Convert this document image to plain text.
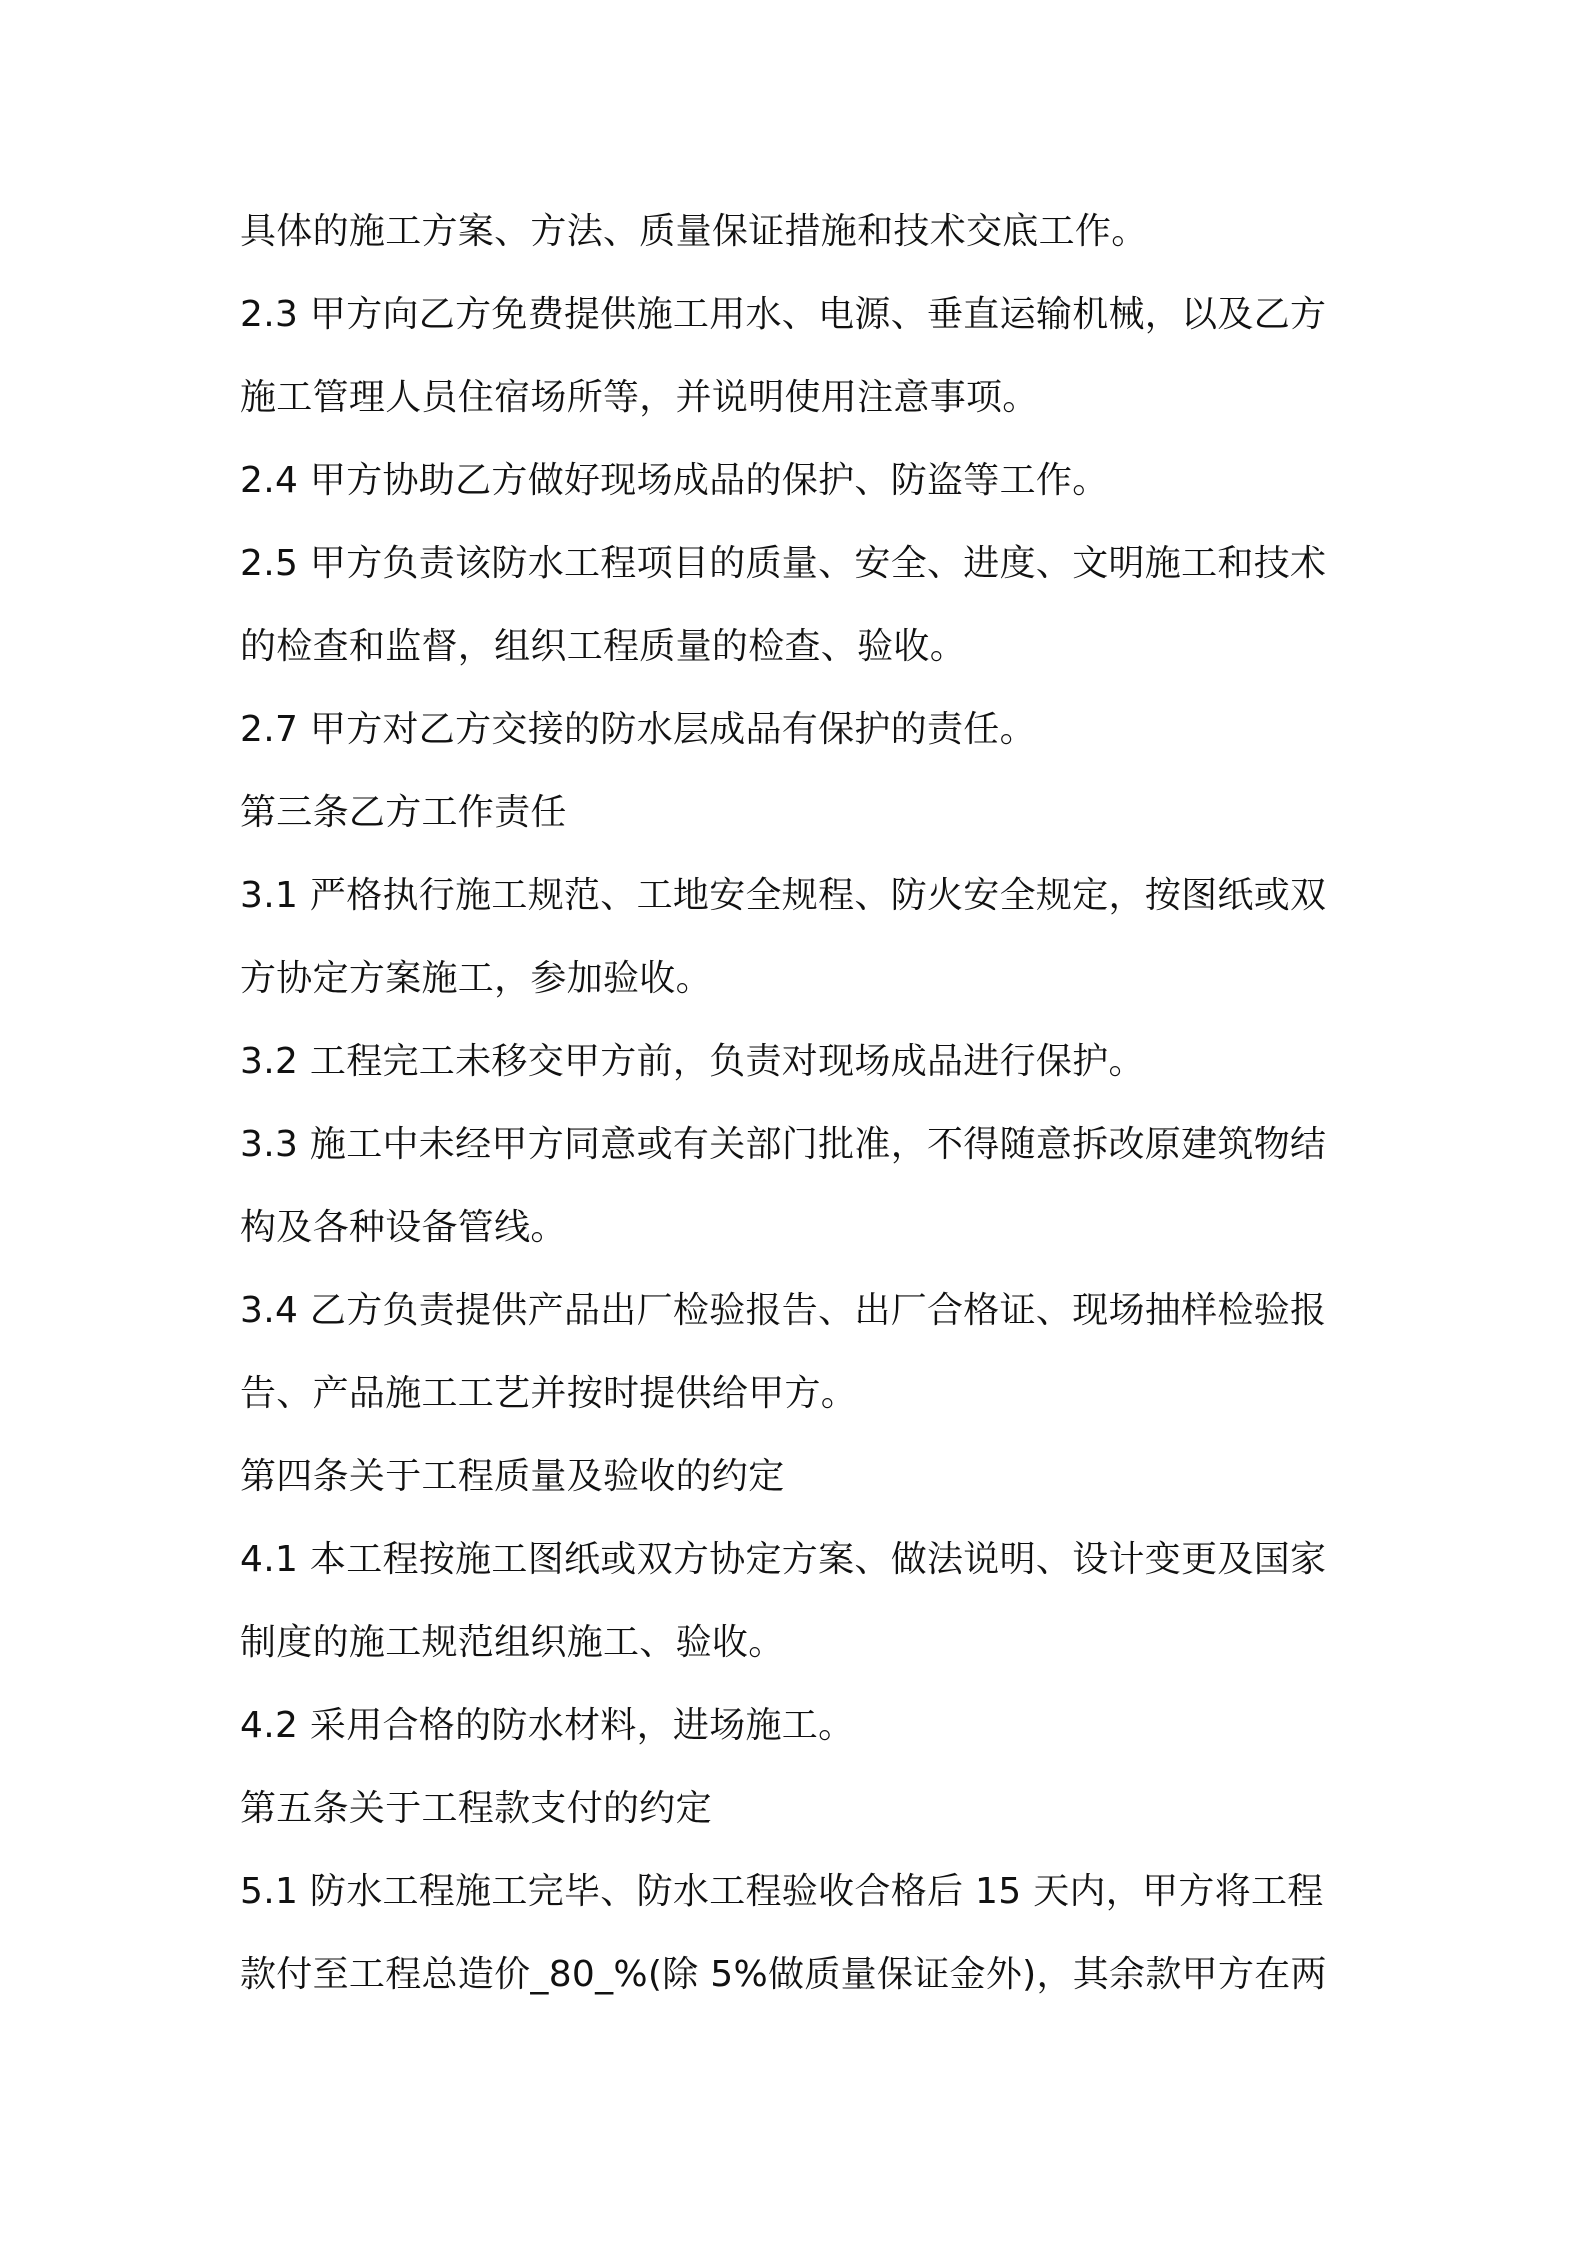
具体的施工方案、方法、质量保证措施和技术交底工作。
2.3 甲方向乙方免费提供施工用水、电源、垂直运输机械，以及乙方
施工管理人员住宿场所等，并说明使用注意事项。
2.4 甲方协助乙方做好现场成品的保护、防盗等工作。
2.5 甲方负责该防水工程项目的质量、安全、进度、文明施工和技术
的检查和监督，组织工程质量的检查、验收。
2.7 甲方对乙方交接的防水层成品有保护的责任。
第三条乙方工作责任
3.1 严格执行施工规范、工地安全规程、防火安全规定，按图纸或双
方协定方案施工，参加验收。
3.2 工程完工未移交甲方前，负责对现场成品进行保护。
3.3 施工中未经甲方同意或有关部门批准，不得随意拆改原建筑物结
构及各种设备管线。
3.4 乙方负责提供产品出厂检验报告、出厂合格证、现场抽样检验报
告、产品施工工艺并按时提供给甲方。
第四条关于工程质量及验收的约定
4.1 本工程按施工图纸或双方协定方案、做法说明、设计变更及国家
制度的施工规范组织施工、验收。
4.2 采用合格的防水材料，进场施工。
第五条关于工程款支付的约定
5.1 防水工程施工完毕、防水工程验收合格后 15 天内，甲方将工程
款付至工程总造价_80_%(除 5%做质量保证金外)，其余款甲方在两
